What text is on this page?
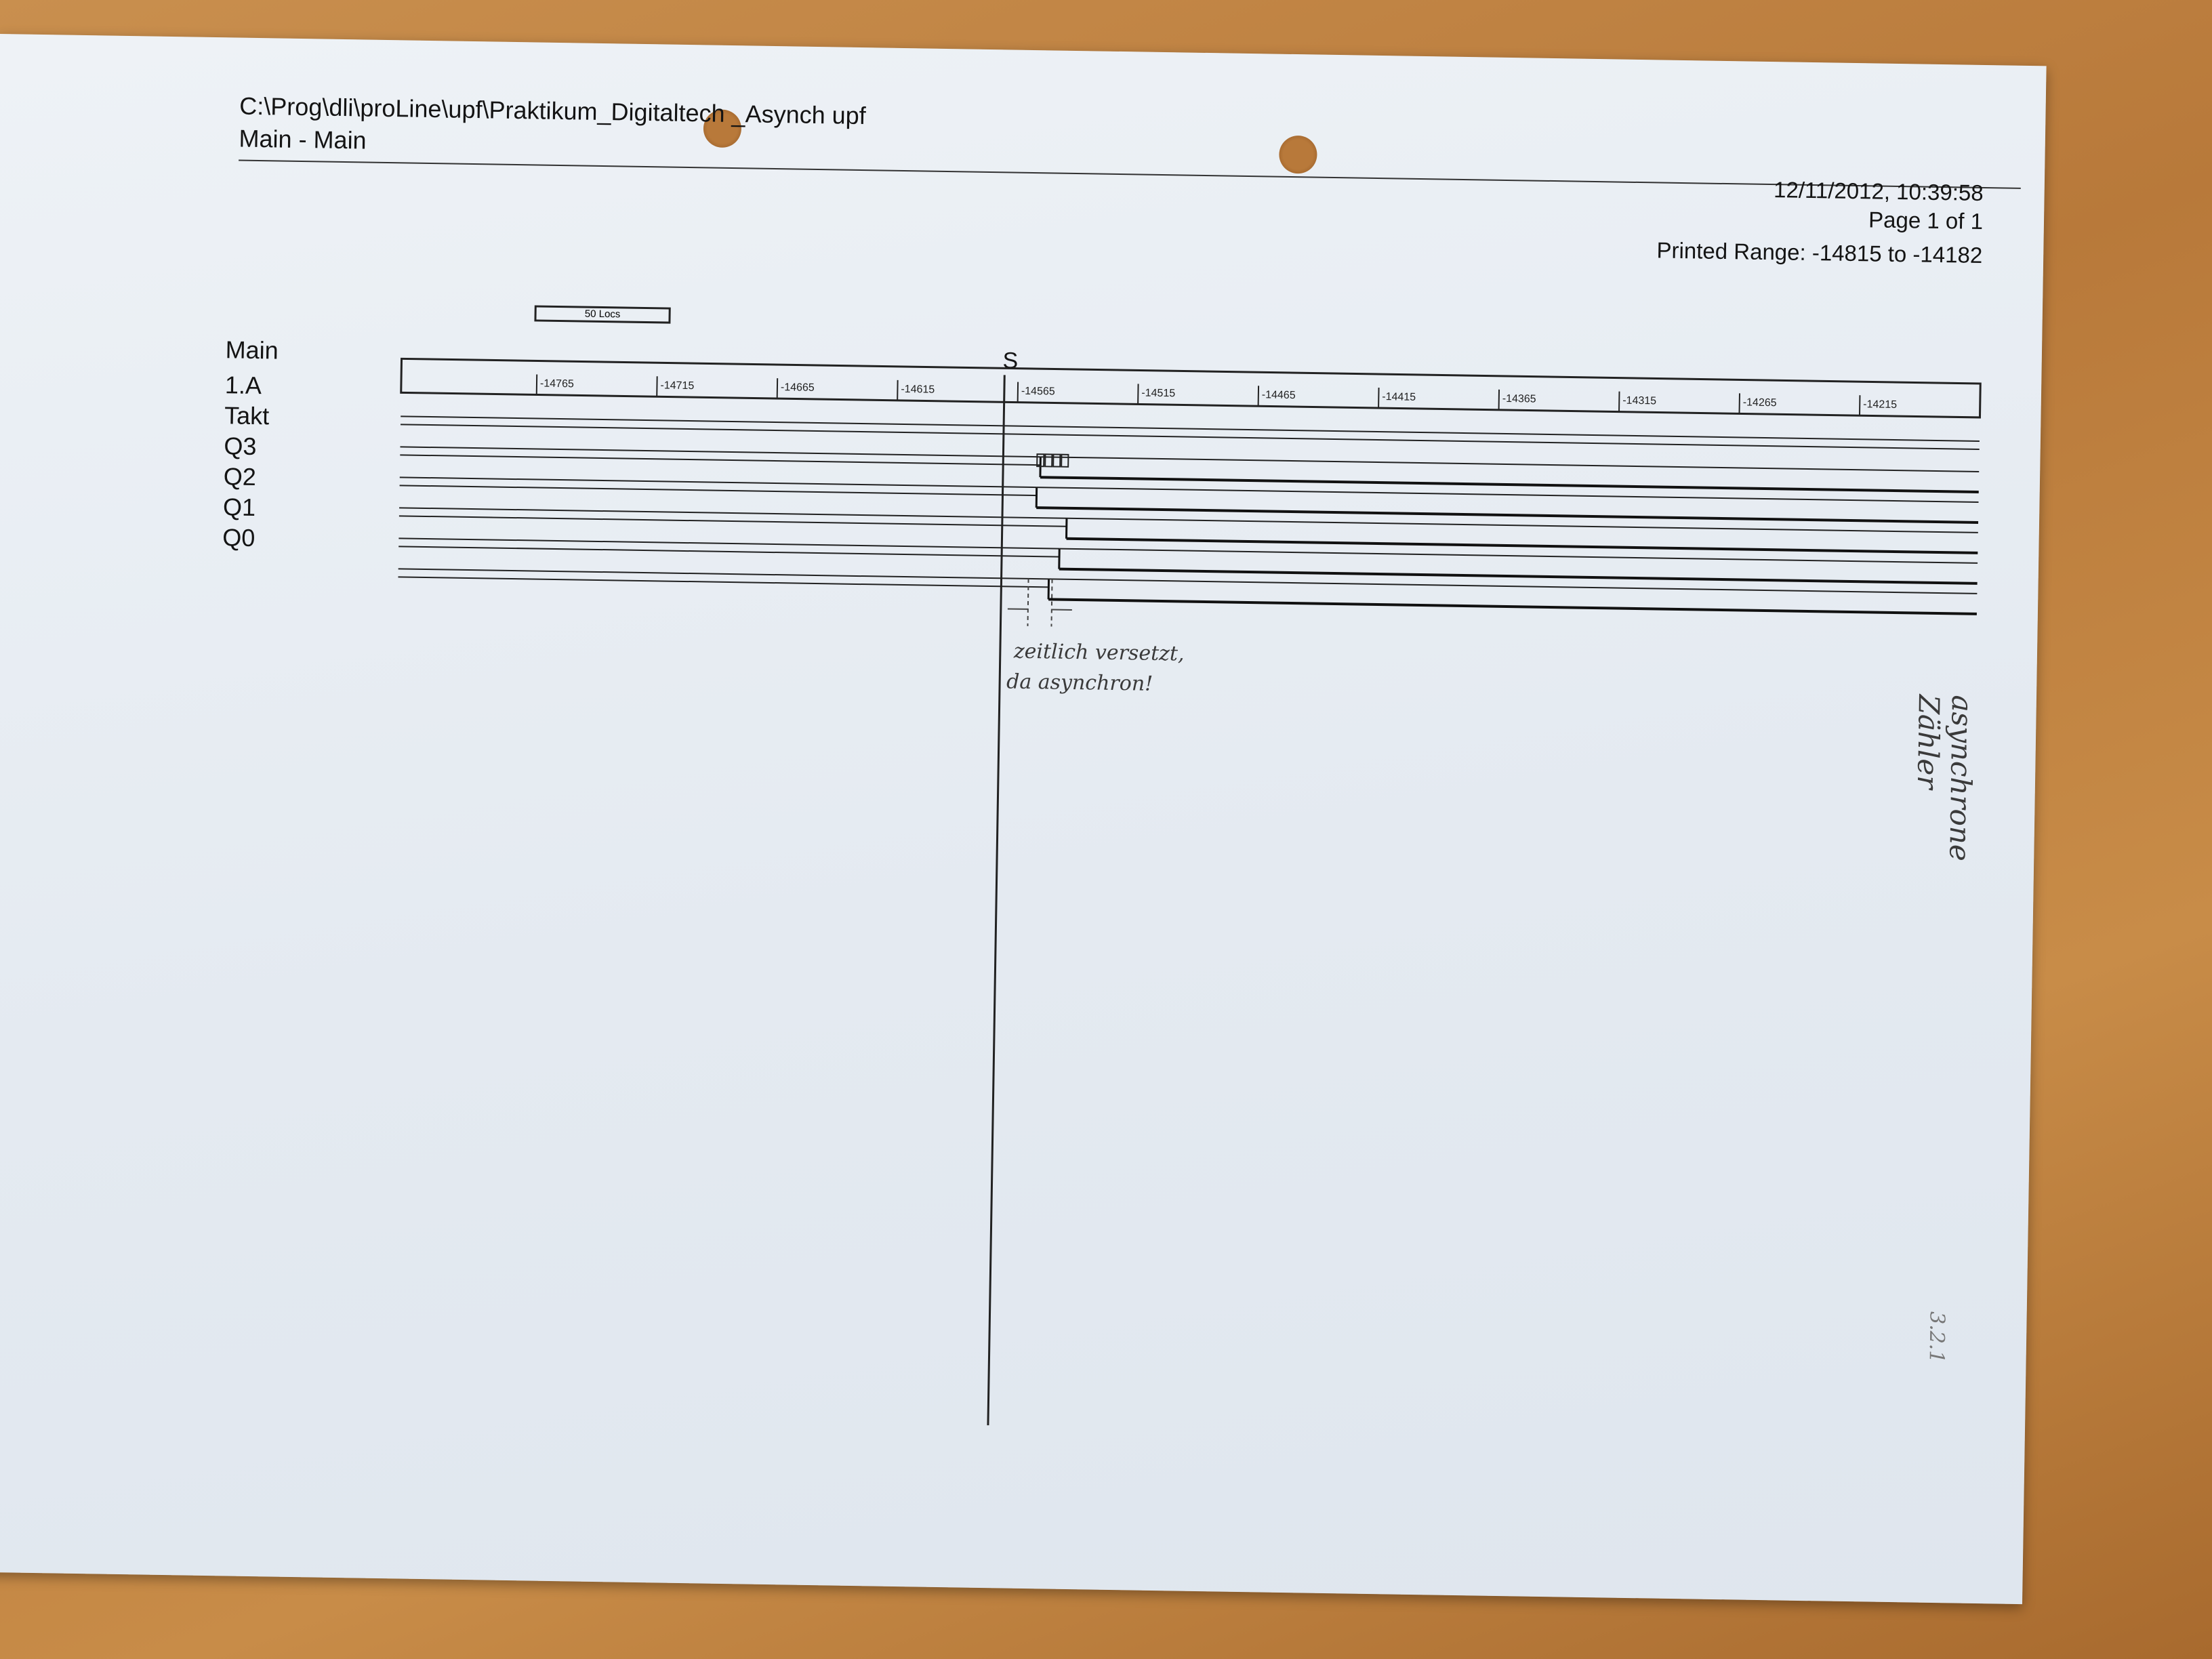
C:\Prog\dli\proLine\upf\Praktikum_Digitaltech _Asynch upf
Main - Main
12/11/2012, 10:39:58
Page 1 of 1
Printed Range: -14815 to -14182
50 Locs
Main
1.A
Takt
Q3
Q2
Q1
Q0
S
-14765	-14715	-14665	-14615	-14565	-14515	-14465	-14415	-14365	-14315	-14265	-14215
zeitlich versetzt,
da asynchron!
asynchrone Zähler
3.2.1
